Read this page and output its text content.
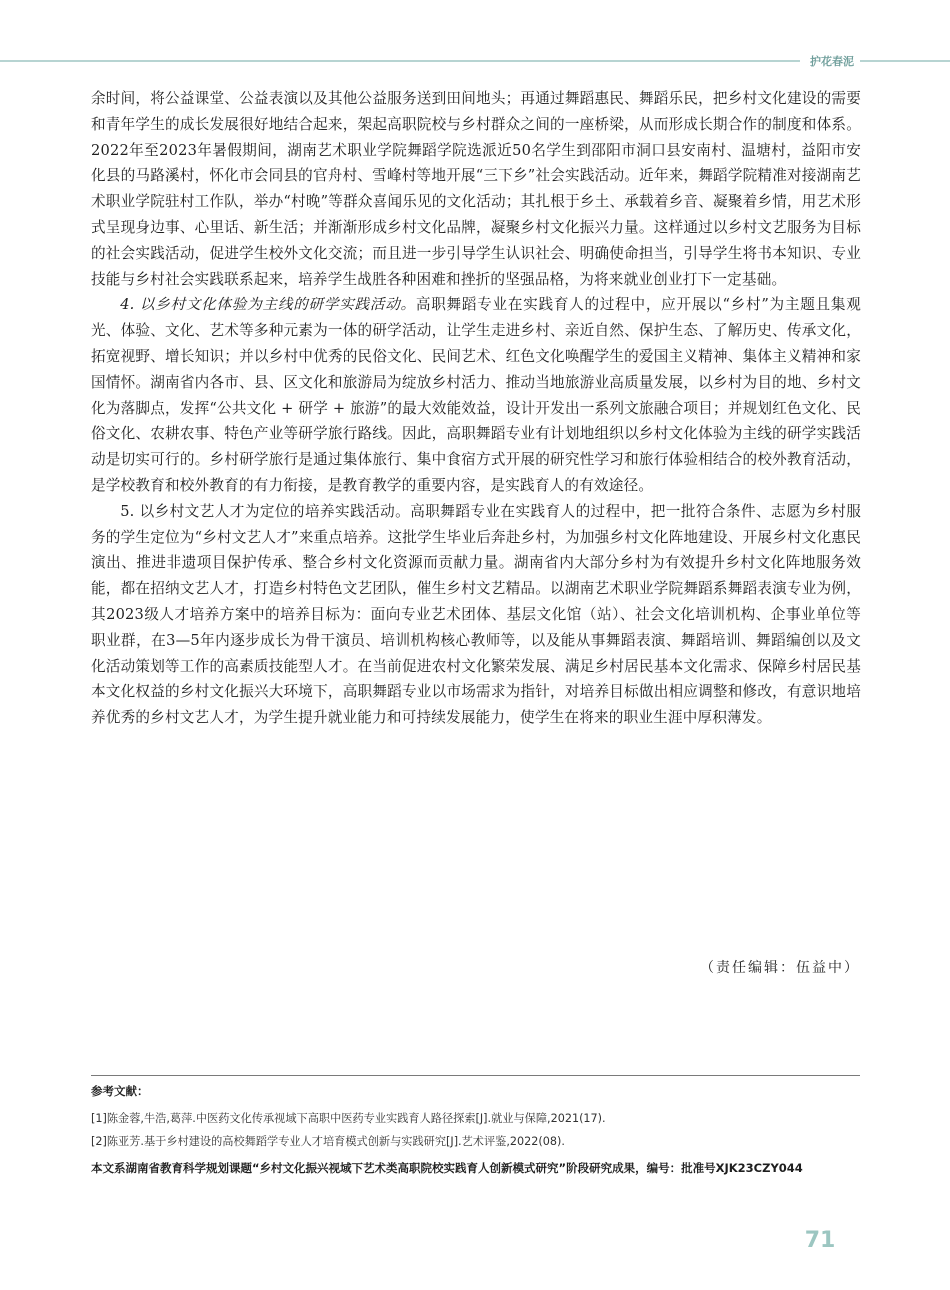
护花春泥

余时间，将公益课堂、公益表演以及其他公益服务送到田间地头；再通过舞蹈惠民、舞蹈乐民，把乡村文化建设的需要和青年学生的成长发展很好地结合起来，架起高职院校与乡村群众之间的一座桥梁，从而形成长期合作的制度和体系。2022年至2023年暑假期间，湖南艺术职业学院舞蹈学院选派近50名学生到邵阳市洞口县安南村、温塘村，益阳市安化县的马路溪村，怀化市会同县的官舟村、雪峰村等地开展“三下乡”社会实践活动。近年来，舞蹈学院精准对接湖南艺术职业学院驻村工作队，举办“村晚”等群众喜闻乐见的文化活动；其扎根于乡土、承载着乡音、凝聚着乡情，用艺术形式呈现身边事、心里话、新生活；并渐渐形成乡村文化品牌，凝聚乡村文化振兴力量。这样通过以乡村文艺服务为目标的社会实践活动，促进学生校外文化交流；而且进一步引导学生认识社会、明确使命担当，引导学生将书本知识、专业技能与乡村社会实践联系起来，培养学生战胜各种困难和挫折的坚强品格，为将来就业创业打下一定基础。

4. 以乡村文化体验为主线的研学实践活动。高职舞蹈专业在实践育人的过程中，应开展以“乡村”为主题且集观光、体验、文化、艺术等多种元素为一体的研学活动，让学生走进乡村、亲近自然、保护生态、了解历史、传承文化，拓宽视野、增长知识；并以乡村中优秀的民俗文化、民间艺术、红色文化唤醒学生的爱国主义精神、集体主义精神和家国情怀。湖南省内各市、县、区文化和旅游局为绽放乡村活力、推动当地旅游业高质量发展，以乡村为目的地、乡村文化为落脚点，发挥“公共文化 + 研学 + 旅游”的最大效能效益，设计开发出一系列文旅融合项目；并规划红色文化、民俗文化、农耕农事、特色产业等研学旅行路线。因此，高职舞蹈专业有计划地组织以乡村文化体验为主线的研学实践活动是切实可行的。乡村研学旅行是通过集体旅行、集中食宿方式开展的研究性学习和旅行体验相结合的校外教育活动，是学校教育和校外教育的有力衔接，是教育教学的重要内容，是实践育人的有效途径。

5. 以乡村文艺人才为定位的培养实践活动。高职舞蹈专业在实践育人的过程中，把一批符合条件、志愿为乡村服务的学生定位为“乡村文艺人才”来重点培养。这批学生毕业后奔赴乡村，为加强乡村文化阵地建设、开展乡村文化惠民演出、推进非遗项目保护传承、整合乡村文化资源而贡献力量。湖南省内大部分乡村为有效提升乡村文化阵地服务效能，都在招纳文艺人才，打造乡村特色文艺团队，催生乡村文艺精品。以湖南艺术职业学院舞蹈系舞蹈表演专业为例，其2023级人才培养方案中的培养目标为：面向专业艺术团体、基层文化馆（站）、社会文化培训机构、企事业单位等职业群，在3—5年内逐步成长为骨干演员、培训机构核心教师等，以及能从事舞蹈表演、舞蹈培训、舞蹈编创以及文化活动策划等工作的高素质技能型人才。在当前促进农村文化繁荣发展、满足乡村居民基本文化需求、保障乡村居民基本文化权益的乡村文化振兴大环境下，高职舞蹈专业以市场需求为指针，对培养目标做出相应调整和修改，有意识地培养优秀的乡村文艺人才，为学生提升就业能力和可持续发展能力，使学生在将来的职业生涯中厚积薄发。

（责任编辑：伍益中）

参考文献：

[1]陈金蓉,牛浩,葛萍.中医药文化传承视域下高职中医药专业实践育人路径探索[J].就业与保障,2021(17).

[2]陈亚芳.基于乡村建设的高校舞蹈学专业人才培育模式创新与实践研究[J].艺术评鉴,2022(08).

本文系湖南省教育科学规划课题“乡村文化振兴视域下艺术类高职院校实践育人创新模式研究”阶段研究成果，编号：批准号XJK23CZY044

71
